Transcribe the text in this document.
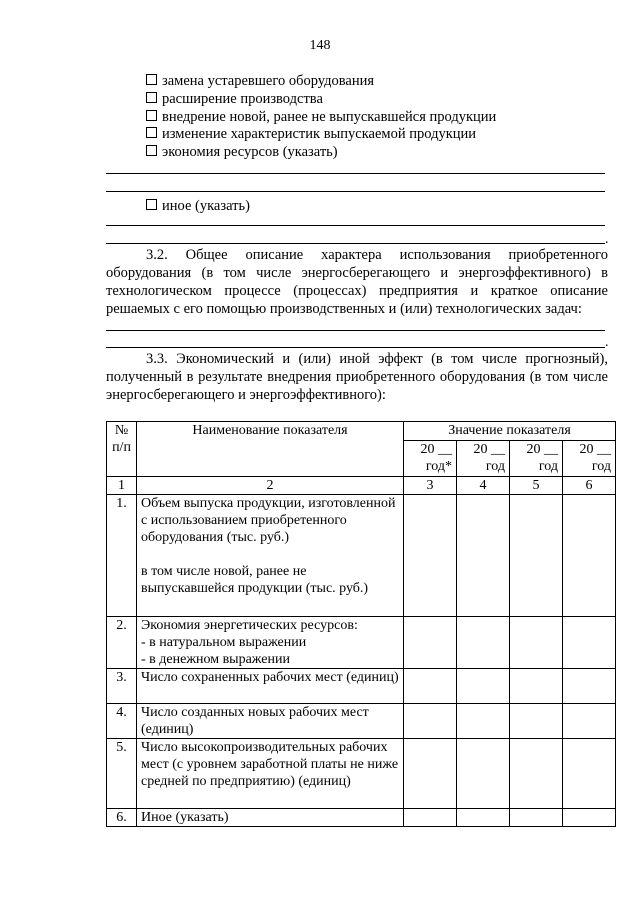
148
замена устаревшего оборудования
расширение производства
внедрение новой, ранее не выпускавшейся продукции
изменение характеристик выпускаемой продукции
экономия ресурсов (указать)
иное (указать)
.

3.2. Общее описание характера использования приобретенного оборудования (в том числе энергосберегающего и энергоэффективного) в технологическом процессе (процессах) предприятия и краткое описание решаемых с его помощью производственных и (или) технологических задач:

.

3.3. Экономический и (или) иной эффект (в том числе прогнозный), полученный в результате внедрения приобретенного оборудования (в том числе энергосберегающего и энергоэффективного):

№ п/п	Наименование показателя	Значение показателя			
		20 __ год*	20 __ год	20 __ год	20 __ год
1	2	3	4	5	6
1.	Объем выпуска продукции, изготовленной с использованием приобретенного оборудования (тыс. руб.)
в том числе новой, ранее не выпускавшейся продукции (тыс. руб.)				

2.	Экономия энергетических ресурсов:
- в натуральном выражении
- в денежном выражении				

3.	Число сохраненных рабочих мест (единиц)				
4.	Число созданных новых рабочих мест (единиц)				
5.	Число высокопроизводительных рабочих мест (с уровнем заработной платы не ниже средней по предприятию) (единиц)				
6.	Иное (указать)				
